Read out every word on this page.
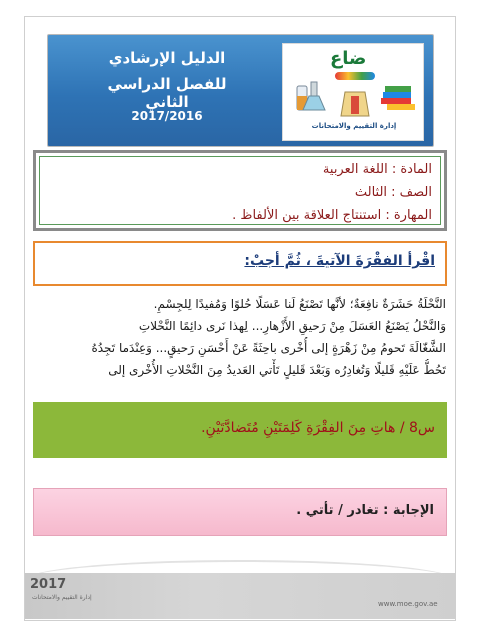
الدليل الإرشادي
للفصل الدراسي الثاني
2017/2016
ضاع
إدارة التقييم والامتحانات
المادة : اللغة العربية
الصف : الثالث
المهارة : استنتاج العلاقة بين الألفاظ .
اقْرأ الفقْرَةَ الآتيةَ ، ثُمَّ أجبْ:

النَّحْلَةُ حَشَرَةٌ نافِعَةٌ؛ لأنَّها تَصْنَعُ لَنا عَسَلًا حُلوًا وَمُفيدًا لِلجِسْمِ.

وَالنَّحْلُ يَصْنَعُ العَسَلَ مِنْ رَحيقِ الأَزْهارِ... لِهذا نَرى دائِمًا النَّحْلاتِ

الشَّغّالَةَ تَحومُ مِنْ زَهْرَةٍ إلى أُخْرى باحِثَةً عَنْ أَحْسَنِ رَحيقٍ... وَعِنْدَما تَجِدُهُ

تَحُطُّ عَلَيْهِ قَليلًا وَتُغادِرُه وَبَعْدَ قَليلٍ تَأْتي العَديدُ مِنَ النَّحْلاتِ الأُخْرى إلى

س8 / هاتِ مِنَ الفِقْرَةِ كَلِمَتَيْنِ مُتَضادَّتَيْنِ.
الإجابة : تغادر / تأتي .
2017
إدارة التقييم والامتحانات
www.moe.gov.ae
